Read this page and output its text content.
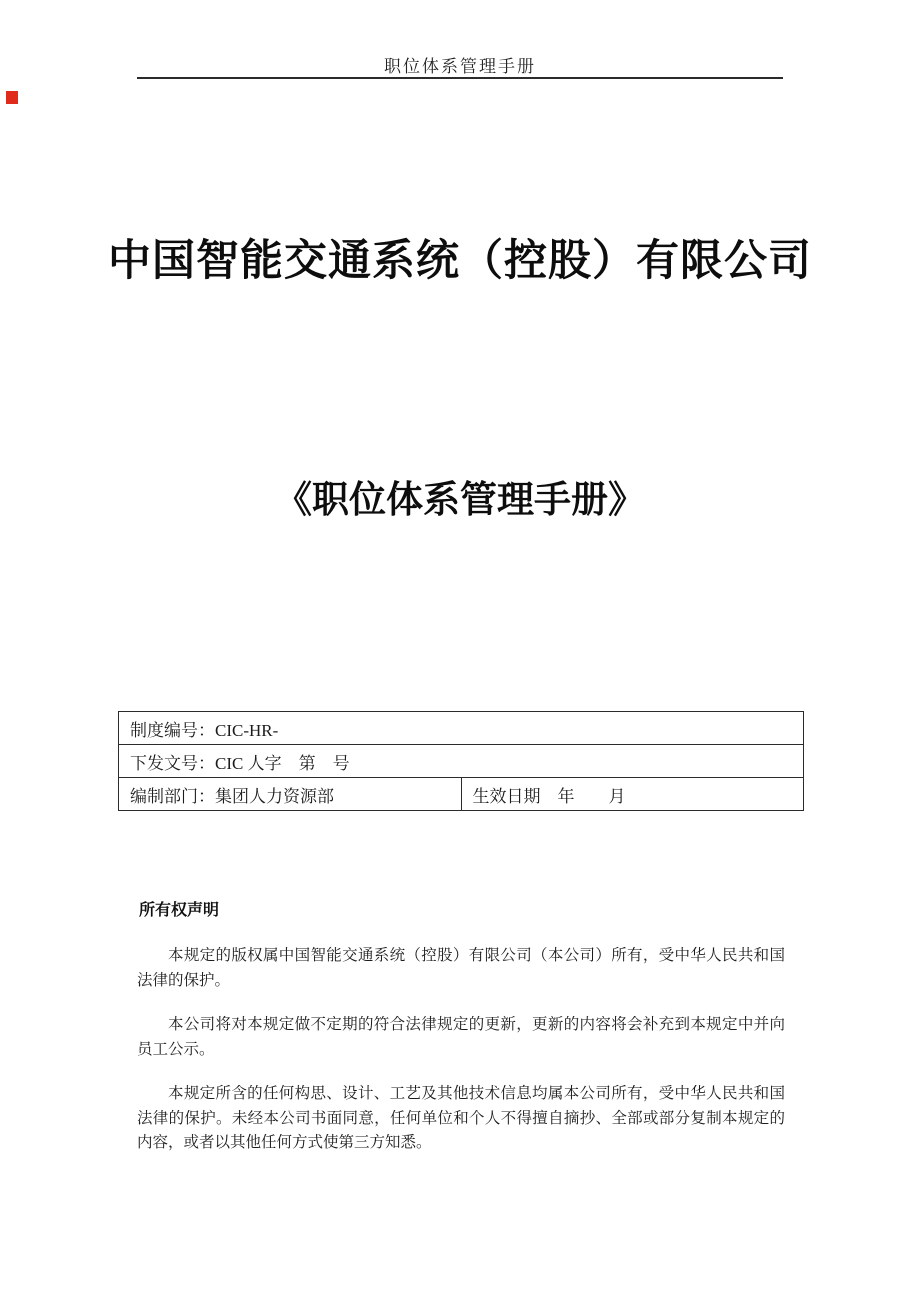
职位体系管理手册
中国智能交通系统（控股）有限公司
《职位体系管理手册》
制度编号：CIC-HR-
下发文号：CIC 人字　第　号
编制部门：集团人力资源部	生效日期　年　　月
所有权声明

本规定的版权属中国智能交通系统（控股）有限公司（本公司）所有，受中华人民共和国法律的保护。

本公司将对本规定做不定期的符合法律规定的更新，更新的内容将会补充到本规定中并向员工公示。

本规定所含的任何构思、设计、工艺及其他技术信息均属本公司所有，受中华人民共和国法律的保护。未经本公司书面同意，任何单位和个人不得擅自摘抄、全部或部分复制本规定的内容，或者以其他任何方式使第三方知悉。
